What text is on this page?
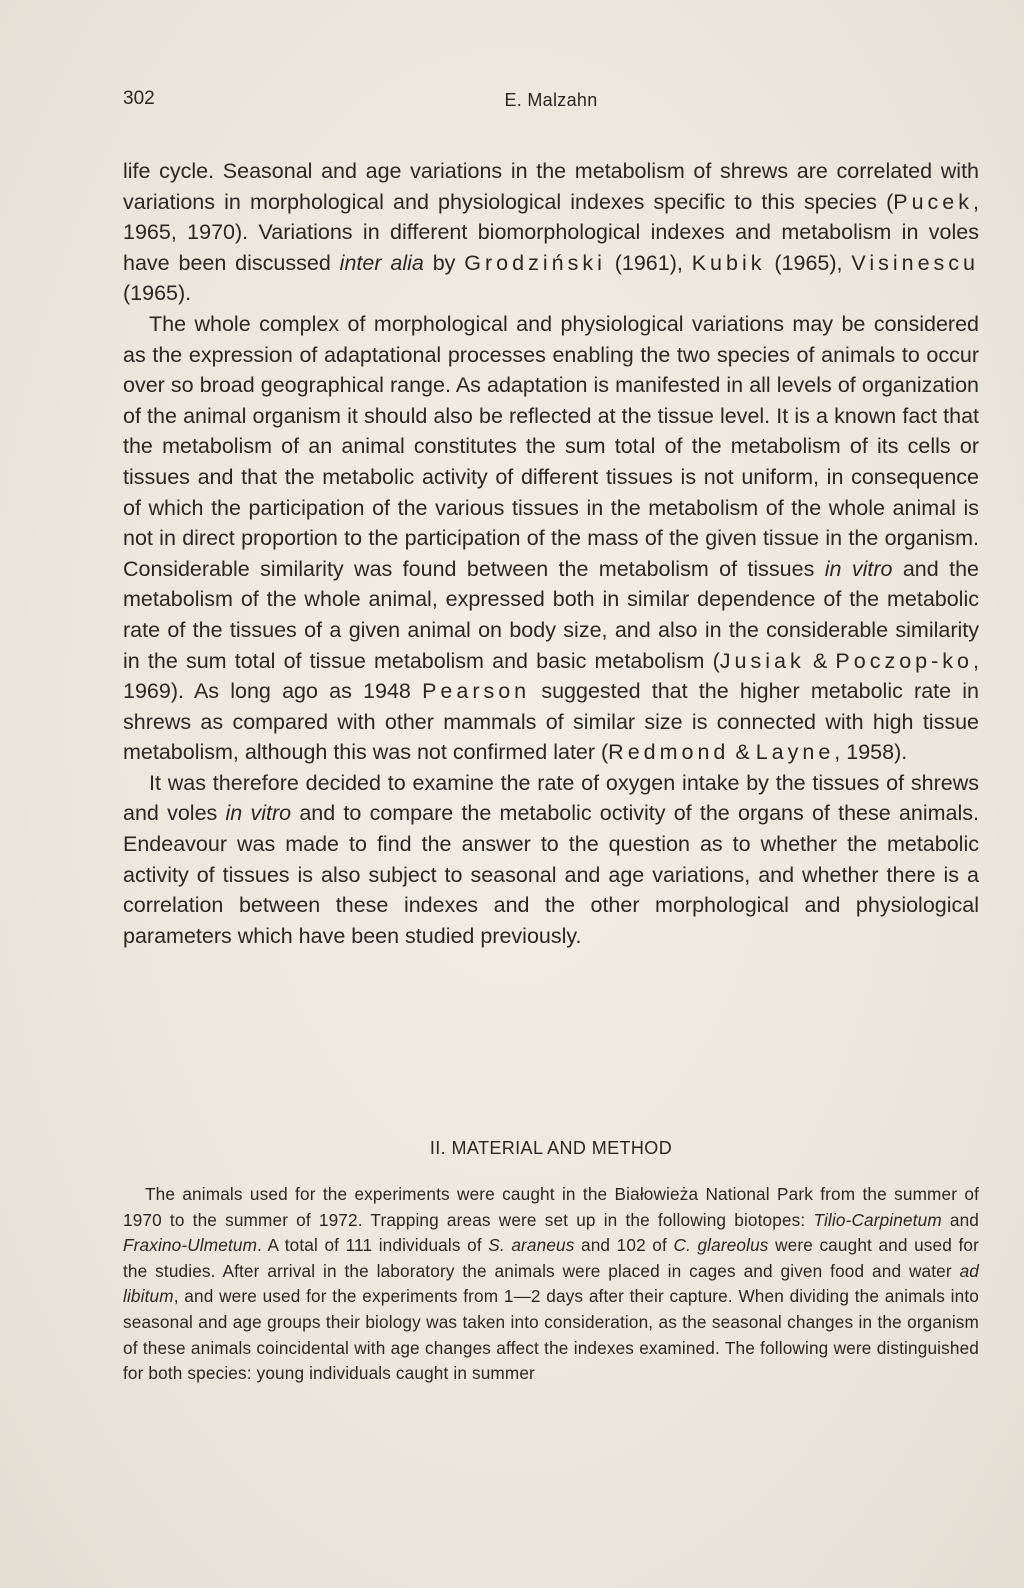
302	E. Malzahn

life cycle. Seasonal and age variations in the metabolism of shrews are correlated with variations in morphological and physiological indexes specific to this species (Pucek, 1965, 1970). Variations in different biomorphological indexes and metabolism in voles have been discussed inter alia by Grodziński (1961), Kubik (1965), Visinescu (1965).

The whole complex of morphological and physiological variations may be considered as the expression of adaptational processes enabling the two species of animals to occur over so broad geographical range. As adaptation is manifested in all levels of organization of the animal organism it should also be reflected at the tissue level. It is a known fact that the metabolism of an animal constitutes the sum total of the metabolism of its cells or tissues and that the metabolic activity of different tissues is not uniform, in consequence of which the participation of the various tissues in the metabolism of the whole animal is not in direct proportion to the participation of the mass of the given tissue in the organism. Considerable similarity was found between the metabolism of tissues in vitro and the metabolism of the whole animal, expressed both in similar dependence of the metabolic rate of the tissues of a given animal on body size, and also in the considerable similarity in the sum total of tissue metabolism and basic metabolism (Jusiak & Poczop-ko, 1969). As long ago as 1948 Pearson suggested that the higher metabolic rate in shrews as compared with other mammals of similar size is connected with high tissue metabolism, although this was not confirmed later (Redmond & Layne, 1958).

It was therefore decided to examine the rate of oxygen intake by the tissues of shrews and voles in vitro and to compare the metabolic octivity of the organs of these animals. Endeavour was made to find the answer to the question as to whether the metabolic activity of tissues is also subject to seasonal and age variations, and whether there is a correlation between these indexes and the other morphological and physiological parameters which have been studied previously.

II. MATERIAL AND METHOD

The animals used for the experiments were caught in the Białowieża National Park from the summer of 1970 to the summer of 1972. Trapping areas were set up in the following biotopes: Tilio-Carpinetum and Fraxino-Ulmetum. A total of 111 individuals of S. araneus and 102 of C. glareolus were caught and used for the studies. After arrival in the laboratory the animals were placed in cages and given food and water ad libitum, and were used for the experiments from 1—2 days after their capture. When dividing the animals into seasonal and age groups their biology was taken into consideration, as the seasonal changes in the organism of these animals coincidental with age changes affect the indexes examined. The following were distinguished for both species: young individuals caught in summer
